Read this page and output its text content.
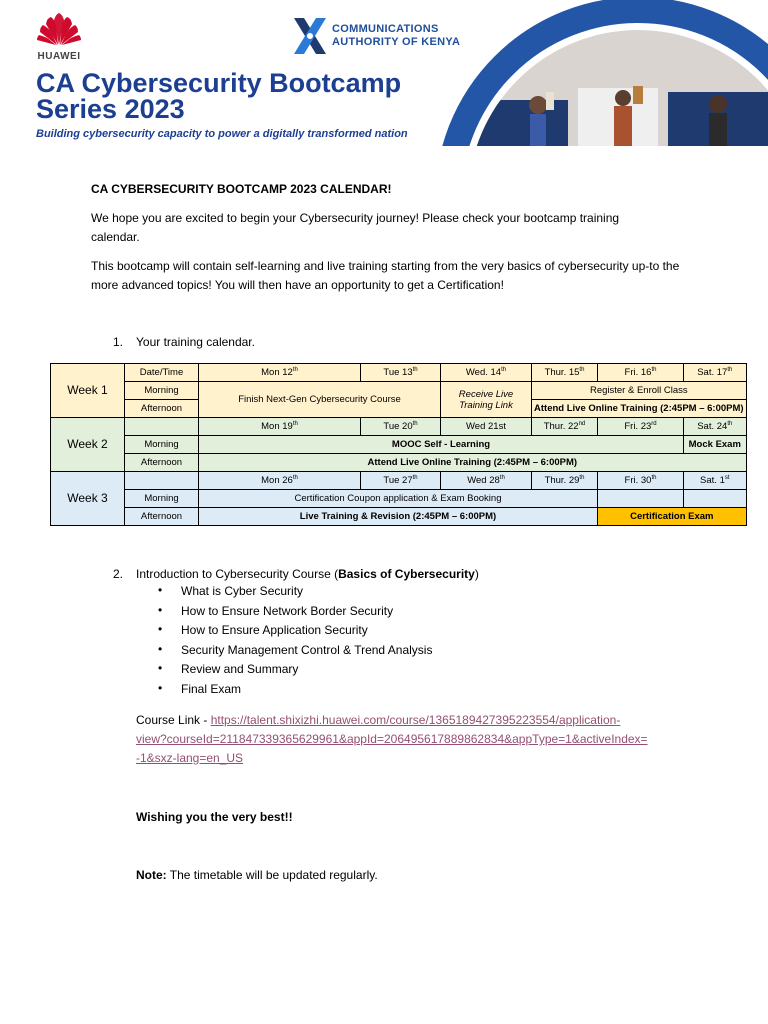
HUAWEI
COMMUNICATIONS
AUTHORITY OF KENYA
CA Cybersecurity Bootcamp
Series 2023
Building cybersecurity capacity to power a digitally transformed nation
CA CYBERSECURITY BOOTCAMP 2023 CALENDAR!
We hope you are excited to begin your Cybersecurity journey! Please check your bootcamp training calendar.
This bootcamp will contain self-learning and live training starting from the very basics of cybersecurity up-to the more advanced topics! You will then have an opportunity to get a Certification!
1. Your training calendar.
Week 1	Date/Time	Mon 12th	Tue 13th	Wed. 14th	Thur. 15th	Fri. 16th	Sat. 17th
	Morning	Finish Next-Gen Cybersecurity Course		Receive Live Training Link	Register & Enroll Class		
	Afternoon				Attend Live Online Training (2:45PM – 6:00PM)		
Week 2		Mon 19th	Tue 20th	Wed 21st	Thur. 22nd	Fri. 23rd	Sat. 24th
	Morning	MOOC Self - Learning					Mock Exam
	Afternoon	Attend Live Online Training (2:45PM – 6:00PM)					
Week 3		Mon 26th	Tue 27th	Wed 28th	Thur. 29th	Fri. 30th	Sat. 1st
	Morning	Certification Coupon application & Exam Booking					
	Afternoon	Live Training & Revision (2:45PM – 6:00PM)				Certification Exam	
2. Introduction to Cybersecurity Course (Basics of Cybersecurity)
• What is Cyber Security
• How to Ensure Network Border Security
• How to Ensure Application Security
• Security Management Control & Trend Analysis
• Review and Summary
• Final Exam
Course Link - https://talent.shixizhi.huawei.com/course/1365189427395223554/application-
view?courseId=211847339365629961&appId=206495617889862834&appType=1&activeIndex=
-1&sxz-lang=en_US
Wishing you the very best!!
Note: The timetable will be updated regularly.
